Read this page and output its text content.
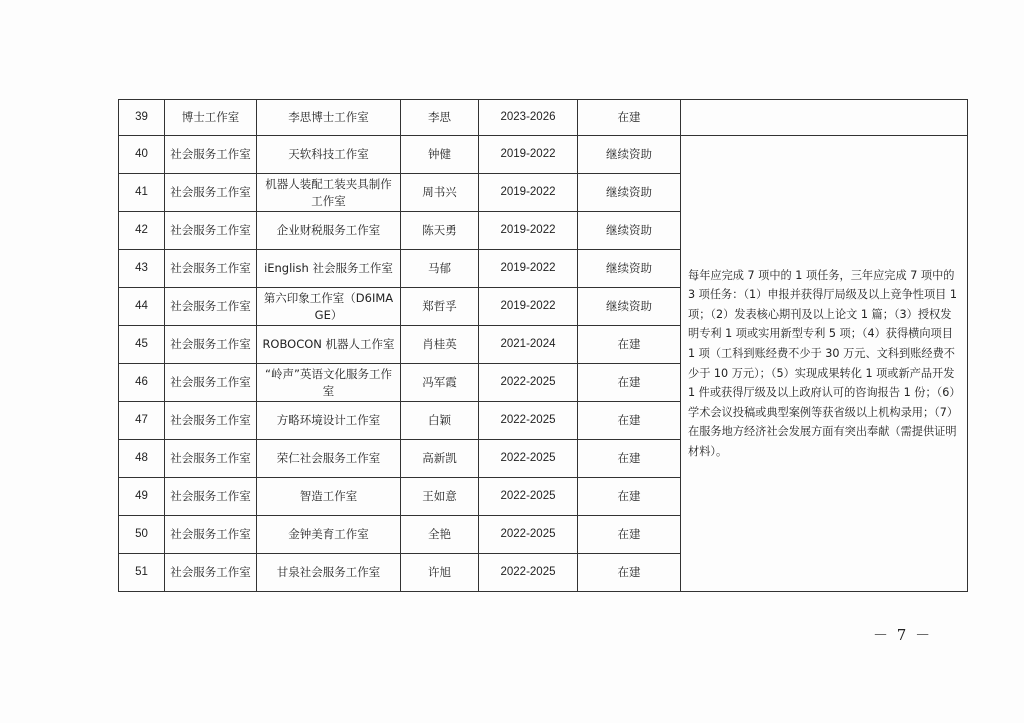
39	博士工作室	李思博士工作室	李思	2023-2026	在建	
40	社会服务工作室	天软科技工作室	钟健	2019-2022	继续资助	每年应完成 7 项中的 1 项任务，三年应完成 7 项中的 3 项任务：（1）申报并获得厅局级及以上竞争性项目 1 项；（2）发表核心期刊及以上论文 1 篇；（3）授权发明专利 1 项或实用新型专利 5 项；（4）获得横向项目 1 项（工科到账经费不少于 30 万元、文科到账经费不少于 10 万元）；（5）实现成果转化 1 项或新产品开发 1 件或获得厅级及以上政府认可的咨询报告 1 份；（6）学术会议投稿或典型案例等获省级以上机构录用；（7）在服务地方经济社会发展方面有突出奉献（需提供证明材料）。
41	社会服务工作室	机器人装配工装夹具制作工作室	周书兴	2019-2022	继续资助	
42	社会服务工作室	企业财税服务工作室	陈天勇	2019-2022	继续资助	
43	社会服务工作室	iEnglish 社会服务工作室	马郁	2019-2022	继续资助	
44	社会服务工作室	第六印象工作室（D6IMAGE）	郑哲孚	2019-2022	继续资助	
45	社会服务工作室	ROBOCON 机器人工作室	肖桂英	2021-2024	在建	
46	社会服务工作室	“岭声”英语文化服务工作室	冯军霞	2022-2025	在建	
47	社会服务工作室	方略环境设计工作室	白颖	2022-2025	在建	
48	社会服务工作室	荣仁社会服务工作室	高新凯	2022-2025	在建	
49	社会服务工作室	智造工作室	王如意	2022-2025	在建	
50	社会服务工作室	金钟美育工作室	全艳	2022-2025	在建	
51	社会服务工作室	甘泉社会服务工作室	许旭	2022-2025	在建	
－ 7 －
